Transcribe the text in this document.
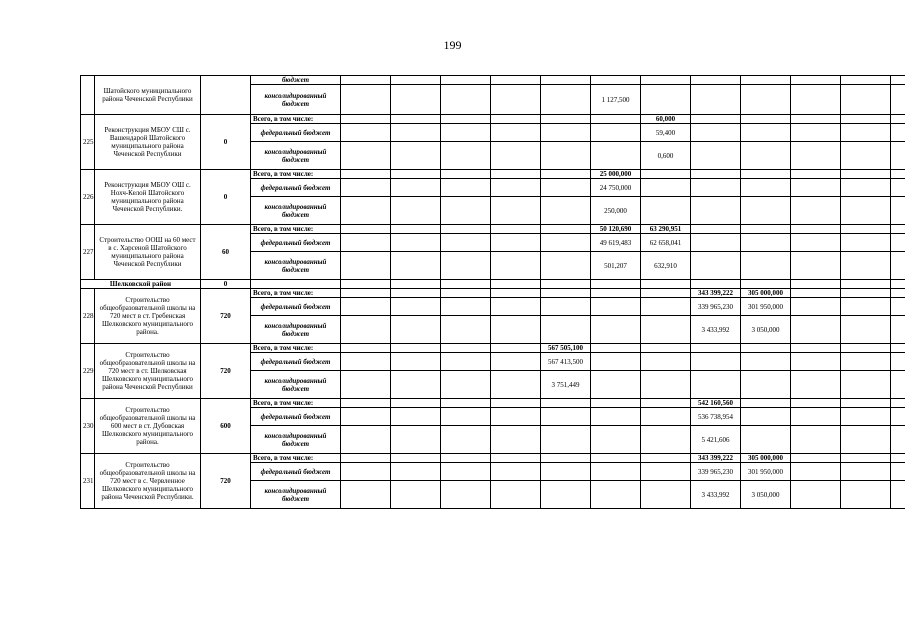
199
	Шатойского муниципального района Чеченской Республики		бюджет												
			консолидированный бюджет						1 127,500						
225	Реконструкция МБОУ СШ с. Вашендарой Шатойского муниципального района Чеченской Республики	0	Всего, в том числе:							60,000					
			федеральный бюджет							59,400					
			консолидированный бюджет							0,600					
226	Реконструкция МБОУ ОШ с. Нохч-Келой Шатойского муниципального района Чеченской Республики.	0	Всего, в том числе:						25 000,000						
			федеральный бюджет						24 750,000						
			консолидированный бюджет						250,000						
227	Строительство ООШ на 60 мест в с. Харсеной Шатойского муниципального района Чеченской Республики	60	Всего, в том числе:						50 120,690	63 290,951					
			федеральный бюджет						49 619,483	62 658,041					
			консолидированный бюджет						501,207	632,910					
Шелковской район		0													
228	Строительство общеобразовательной школы на 720 мест в ст. Гребенская Шелковского муниципального района.	720	Всего, в том числе:								343 399,222	305 000,000			
			федеральный бюджет								339 965,230	301 950,000			
			консолидированный бюджет								3 433,992	3 050,000			
229	Строительство общеобразовательной школы на 720 мест в ст. Шелковская Шелковского муниципального района Чеченской Республики	720	Всего, в том числе:					567 505,100							
			федеральный бюджет					567 413,500							
			консолидированный бюджет					3 751,449							
230	Строительство общеобразовательной школы на 600 мест в ст. Дубовская Шелковского муниципального района.	600	Всего, в том числе:								542 160,560				
			федеральный бюджет								536 738,954				
			консолидированный бюджет								5 421,606				
231	Строительство общеобразовательной школы на 720 мест в с. Червленное Шелковского муниципального района Чеченской Республики.	720	Всего, в том числе:								343 399,222	305 000,000			
			федеральный бюджет								339 965,230	301 950,000			
			консолидированный бюджет								3 433,992	3 050,000			
